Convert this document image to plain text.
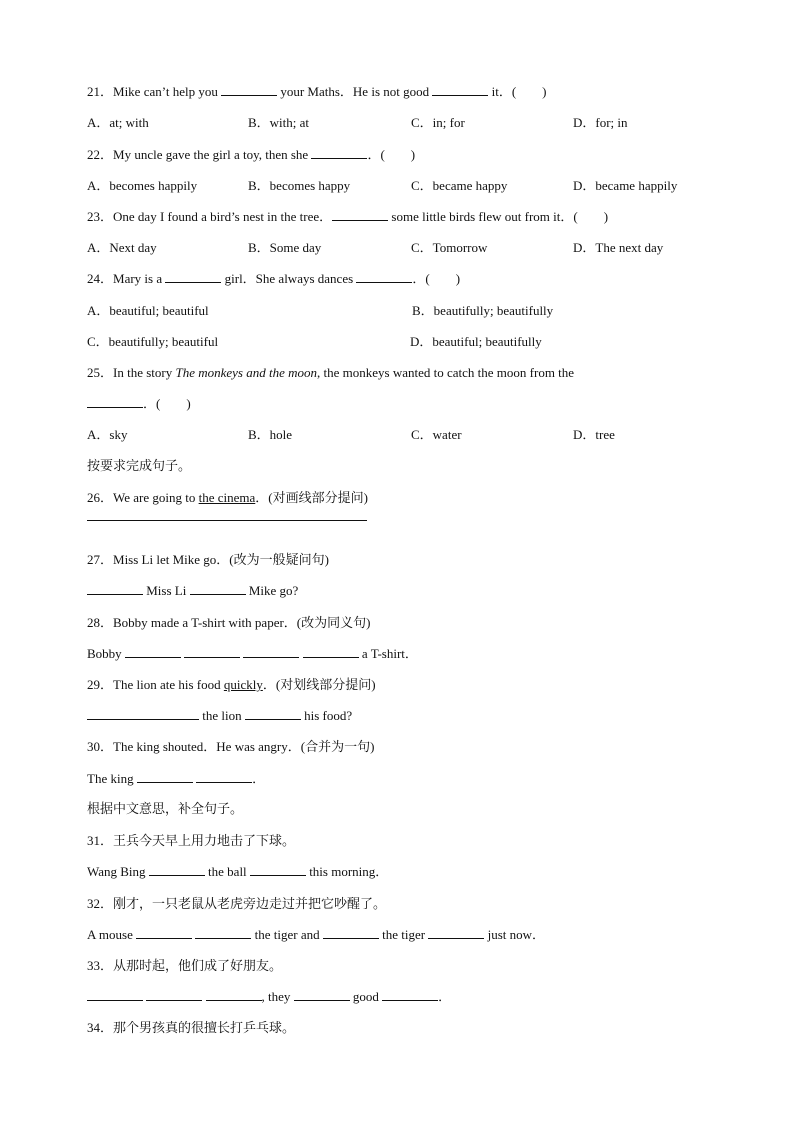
21．Mike can’t help you	your Maths．He is not good	it．(　　)
A．at; with	B．with; at	C．in; for	D．for; in
22．My uncle gave the girl a toy, then she	．(　　)
A．becomes happily	B．becomes happy	C．became happy	D．became happily
23．One day I found a bird’s nest in the tree．	some little birds flew out from it．(　　)
A．Next day	B．Some day	C．Tomorrow	D．The next day
24．Mary is a	girl．She always dances	．(　　)
A．beautiful; beautiful	B．beautifully; beautifully
C．beautifully; beautiful	D．beautiful; beautifully
25．In the story The monkeys and the moon, the monkeys wanted to catch the moon from the
．(　　)
A．sky	B．hole	C．water	D．tree
按要求完成句子。
26．We are going to the cinema．(对画线部分提问)
27．Miss Li let Mike go．(改为一般疑问句)
Miss Li	Mike go?
28．Bobby made a T-shirt with paper．(改为同义句)
Bobby	a T-shirt．
29．The lion ate his food quickly．(对划线部分提问)
the lion	his food?
30．The king shouted．He was angry．(合并为一句)
The king	．
根据中文意思，补全句子。
31．王兵今天早上用力地击了下球。
Wang Bing	the ball	this morning．
32．刚才，一只老鼠从老虎旁边走过并把它吵醒了。
A mouse	the tiger and	the tiger	just now．
33．从那时起，他们成了好朋友。
, they	good	．
34．那个男孩真的很擅长打乒乓球。
